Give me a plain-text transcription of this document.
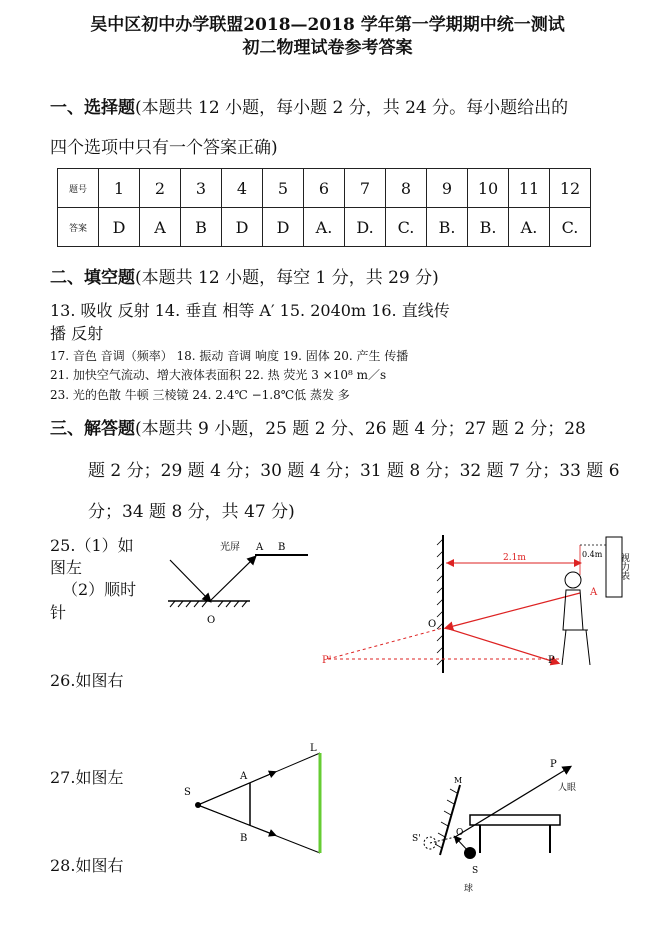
吴中区初中办学联盟2018—2018 学年第一学期期中统一测试
初二物理试卷参考答案
一、选择题(本题共 12 小题，每小题 2 分，共 24 分。每小题给出的
四个选项中只有一个答案正确)
题号	1	2	3	4	5	6	7	8	9	10	11	12
答案	D	A	B	D	D	A.	D.	C.	B.	B.	A.	C.
二、填空题(本题共 12 小题，每空 1 分，共 29 分)
13. 吸收 反射 14. 垂直 相等 A′ 15. 2040m 16. 直线传
播 反射
17. 音色 音调（频率） 18. 振动 音调 响度 19. 固体 20. 产生 传播
21. 加快空气流动、增大液体表面积 22. 热 荧光 3 ×10⁸ m／s
23. 光的色散 牛顿 三棱镜 24. 2.4℃ −1.8℃低 蒸发 多
三、解答题(本题共 9 小题，25 题 2 分、26 题 4 分；27 题 2 分；28
题 2 分；29 题 4 分；30 题 4 分；31 题 8 分；32 题 7 分；33 题 6
分；34 题 8 分，共 47 分)
25.（1）如
图左
（2）顺时
针
26.如图右
27.如图左
28.如图右
光屏 A B
O
2.1m	0.4m 视力表
A
O
P
P'
S
A
B
L
P
人眼
M
S'
O
S
球
